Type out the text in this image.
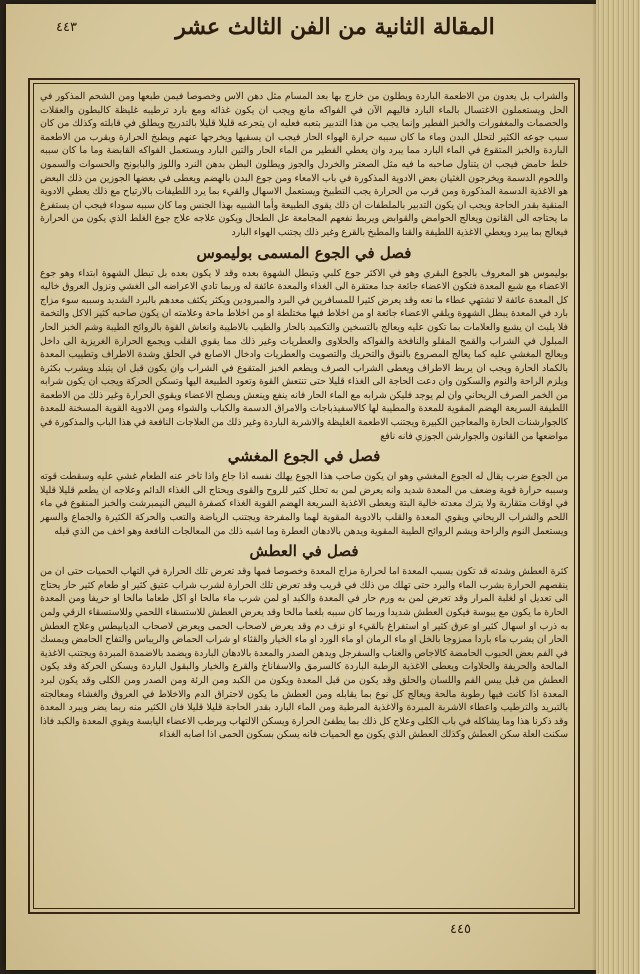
٤٤٣	المقالة الثانية من الفن الثالث عشر

والشراب بل يعدون من الاطعمة الباردة ويطلون من خارج بها بعد المسام مثل دهن الاس وخصوصا فيمن طبعها ومن الشحم المذكور في الحل ويستعملون الاغتسال بالماء البارد فاليهم الآن في الفواكه مانع ويجب ان يكون غذائه ومع بارد ترطيبه غليظة كالبطون والعقلات والحصمات والمغفورات والخبز الفطير وإنما يجب من هذا التدبير بتعبه فعليه ان يتجرعه قليلا قليلا بالتدريج ويطلق في قابلته وكذلك من كان سبب جوعه الكثير لتحلل البدن وماء ما كان سببه حرارة الهواء الحار فيجب ان يسقيها ويخرجها عنهم ويطبخ الحرارة ويقرب من الاطعمة الباردة والخبز المتقوع في الماء البارد مما يبرد وان يعطي الفطير من الماء الحار والتين البارد ويستعمل الفواكه القابضة وما ما كان سببه خلط حامض فيجب ان يتناول صاحبه ما فيه مثل الصعتر والخردل والجوز ويطلون البطن بدهن النرد واللوز والبابونج والحسوات والسمون واللحوم الدسمة ويخرجون الغثيان بعض الادوية المذكورة في باب الامعاء ومن جوع البدن بالهضم ويعطى في بعضها الجوزين من ذلك البعض هو الاغذية الدسمة المذكورة ومن قرب من الحرارة يجب التطبيخ ويستعمل الاسهال والقيء بما يرد اللطيفات بالارتياح مع ذلك يعطي الادوية المنقية بقدر الحاجة ويجب ان يكون التدبير بالملطفات ان ذلك يقوى الطبيعة وأما الشبيه بهذا الجنس وما كان سببه سوداء فيجب ان يستفرغ ما يحتاجه الى القانون ويعالج الحوامض والقوابض ويربط نفعهم المجامعة عل الطحال ويكون علاجه علاج جوع الغلط الذي يكون من الحرارة فيعالج بما يبرد ويعطي الاغذية اللطيفة والقنا والمطبخ بالقرع وغير ذلك يجتنب الهواء البارد

فصل في الجوع المسمى بوليموس

بوليموس هو المعروف بالجوع البقري وهو في الاكثر جوع كلبي وتبطل الشهوة بعده وقد لا يكون بعده بل تبطل الشهوة ابتداء وهو جوع الاعضاء مع شبع المعدة فتكون الاعضاء جائعة جدا معتقرة الى الغذاء والمعدة عائفة له وربما تادي الاعراضه الى الغشي ونزول العروق خاليه كل المعدة عائفة لا تشتهي عطاء ما نعه وقد يعرض كثيرا للمسافرين في البرد والمبرودين ويكثر يكثف معدهم بالبرد الشديد وسببه سوء مزاج بارد في المعدة يبطل الشهوة ويلقي الاعضاء جائعة او من اخلاط فيها مختلطة او من اخلاط ماحة وعلامته ان يكون صاحبه كثير الاكل والتخمة فلا يلبث ان يشبع والعلامات بما تكون عليه ويعالج بالتسخين والتكميد بالحار والطيب بالاطيبة وانعاش القوة بالروائح الطيبة وشم الخبز الحار المبلول في الشراب والقمح المقلو والنافخة والفواكه والحلاوى والعطريات وغير ذلك مما يقوي القلب ويجمع الحرارة الغريزية الى داخل ويعالج المغشي عليه كما يعالج المصروع بالنوق والتحريك والتصويت والعطريات وادخال الاصابع في الحلق وشدة الاطراف وتطييب المعدة بالكماد الحارة ويجب ان يربط الاطراف ويعطى الشراب الصرف ويطعم الخبز المتقوع في الشراب وان يكون قبل ان يتبلد ويشرب بكثرة ويلزم الراحة والنوم والسكون وان دعت الحاجة الى الغذاء قليلا حتى تنتعش القوة وتعود الطبيعة اليها وتسكن الحركة ويجب ان يكون شرابه من الخمر الصرف الريحاني وان لم يوجد فليكن شرابه مع الماء الحار فانه ينفع وينعش ويصلح الاعضاء ويقوي الحرارة وغير ذلك من الاطعمة اللطيفة السريعة الهضم المقوية للمعدة والمطيبة لها كالاسفيذباجات والامراق الدسمة والكباب والشواء ومن الادوية القوية المسخنة للمعدة كالجوارشنات الحارة والمعاجين الكبيرة ويجتنب الاطعمة الغليظة والاشربة الباردة وغير ذلك من العلاجات النافعة في هذا الباب والمذكورة في مواضعها من القانون والجوارشن الجوزي فانه نافع

فصل في الجوع المغشي

من الجوع ضرب يقال له الجوع المغشي وهو ان يكون صاحب هذا الجوع يهلك نفسه اذا جاع واذا تاخر عنه الطعام غشي عليه وسقطت قوته وسببه حرارة قوية وضعف من المعدة شديد وانه يعرض لمن به تحلل كثير للروح والقوى ويحتاج الى الغذاء الدائم وعلاجه ان يطعم قليلا قليلا في اوقات متقاربة ولا يترك معدته خالية البتة ويعطى الاغذية السريعة الهضم القوية الغذاء كصفرة البيض النيمبرشت والخبز المنقوع في ماء اللحم والشراب الريحاني ويقوي المعدة والقلب بالادوية المقوية لهما والمفرحة ويجتنب الرياضة والتعب والحركة الكثيرة والجماع والسهر ويستعمل النوم والراحة ويشم الروائح الطيبة المقوية ويدهن بالادهان العطرة وما اشبه ذلك من المعالجات النافعة وهو اخف من الذي قبله

فصل في العطش

كثرة العطش وشدته قد تكون بسبب المعدة اما لحرارة مزاج المعدة وخصوصا فمها وقد تعرض تلك الحرارة في التهاب الحميات حتى ان من ينقصهم الحرارة بشرب الماء والبرد حتى تهلك من ذلك في قريب وقد تعرض تلك الحرارة لشرب شراب عتيق كثير او طعام كثير حار يحتاج الى تعديل او لغلبة المرار وقد تعرض لمن به ورم حار في المعدة والكبد او لمن شرب ماء مالحا او اكل طعاما مالحا او حريفا ومن المعدة الحارة ما يكون مع يبوسة فيكون العطش شديدا وربما كان سببه بلغما مالحا وقد يعرض العطش للاستسقاء اللحمي وللاستسقاء الزقي ولمن به ذرب او اسهال كثير او عرق كثير او استفراغ بالقيء او نزف دم وقد يعرض لاصحاب الحمى ويعرض لاصحاب الديابيطس وعلاج العطش الحار ان يشرب ماء باردا ممزوجا بالخل او ماء الرمان او ماء الورد او ماء الخيار والقثاء او شراب الحماض والريباس والتفاح الحامض ويمسك في الفم بعض الحبوب الحامضة كالاجاص والعناب والسفرجل ويدهن الصدر والمعدة بالادهان الباردة ويضمد بالاضمدة المبردة ويجتنب الاغذية المالحة والحريفة والحلاوات ويعطى الاغذية الرطبة الباردة كالسرمق والاسفاناخ والقرع والخيار والبقول الباردة ويسكن الحركة وقد يكون العطش من قبل يبس الفم واللسان والحلق وقد يكون من قبل المعدة ويكون من الكبد ومن الرئة ومن الصدر ومن الكلى وقد يكون لبرد المعدة اذا كانت فيها رطوبة مالحة ويعالج كل نوع بما يقابله ومن العطش ما يكون لاحتراق الدم والاخلاط في العروق والغشاء ومعالجته بالتبريد والترطيب واعطاء الاشربة المبردة والاغذية المرطبة ومن الماء البارد بقدر الحاجة قليلا قليلا فان الكثير منه ربما يضر ويبرد المعدة وقد ذكرنا هذا وما يشاكله في باب الكلى وعلاج كل ذلك بما يطفئ الحرارة ويسكن الالتهاب ويرطب الاعضاء اليابسة ويقوي المعدة والكبد فاذا سكنت العلة سكن العطش وكذلك العطش الذي يكون مع الحميات فانه يسكن بسكون الحمى اذا اصابه الغذاء

٤٤٥
